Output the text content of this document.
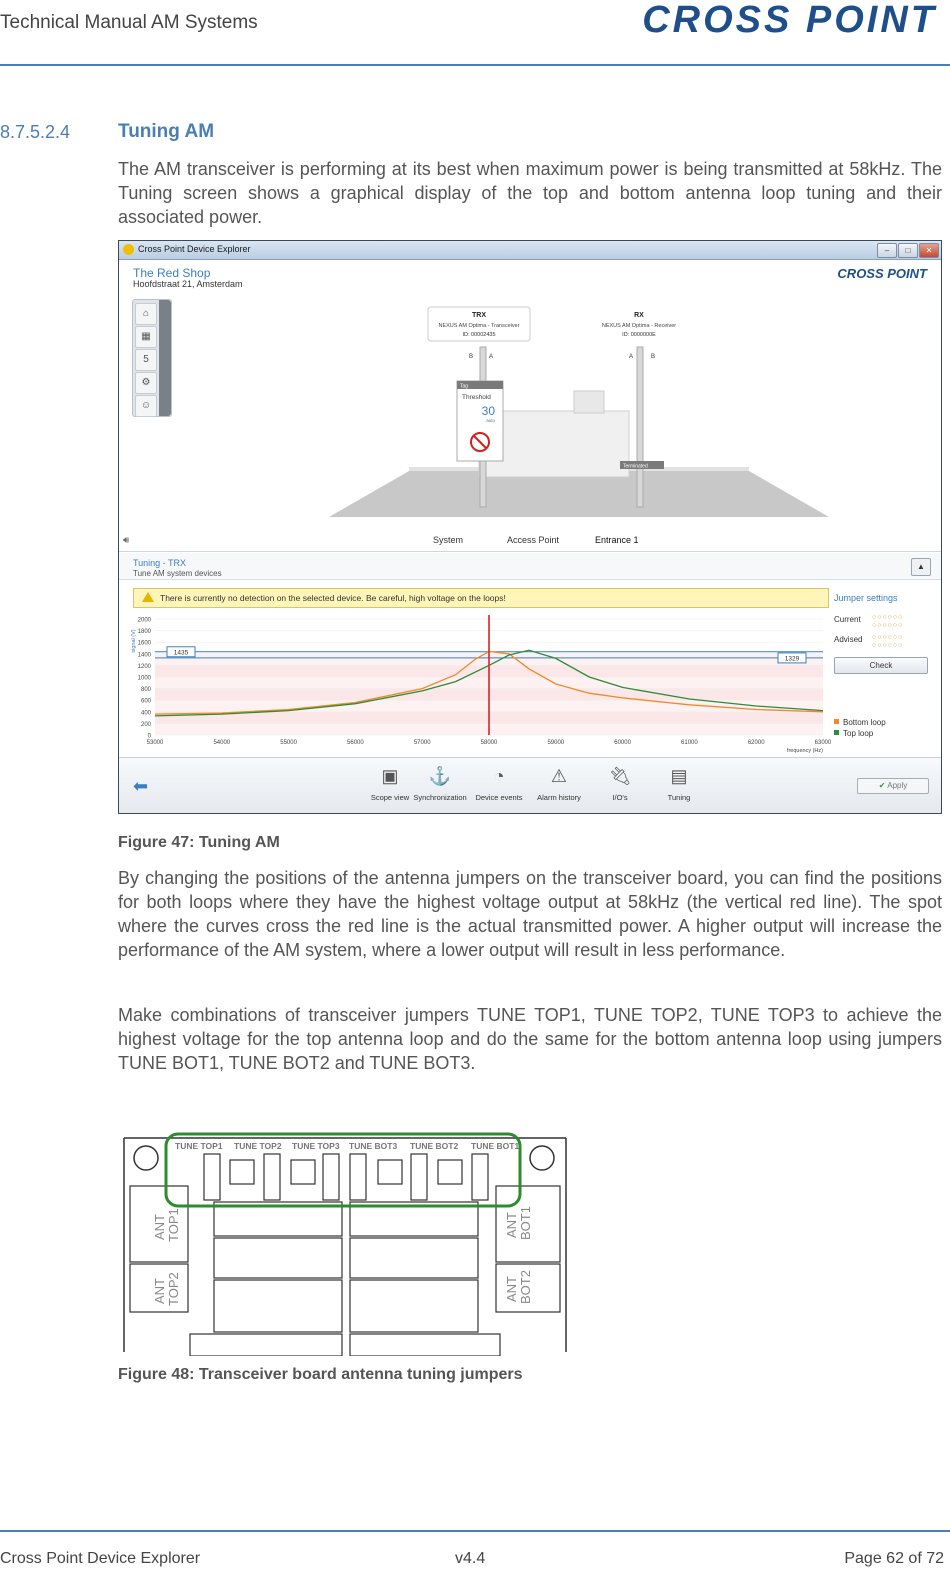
Technical Manual AM Systems	CROSS POINT
8.7.5.2.4	Tuning AM
The AM transceiver is performing at its best when maximum power is being transmitted at 58kHz. The Tuning screen shows a graphical display of the top and bottom antenna loop tuning and their associated power.
Cross Point Device Explorer	–	□	✕
The Red Shop
Hoofdstraat 21, Amsterdam
CROSS POINT
⌂
▦
5
⚙
☺
TRX
NEXUS AM Optima - Transceiver
ID: 00002435
B	A
RX
NEXUS AM Optima - Receiver
ID: 0000000E
A	B
Tag
Threshold
30
auto
Terminated
🔊︎	System	Access Point	Entrance 1
Tuning - TRX
Tune AM system devices
▲
There is currently no detection on the selected device. Be careful, high voltage on the loops!
0
200
400
600
800
1000
1200
1400
1600
1800
2000
53000	54000	55000	56000	57000	58000	59000	60000	61000	62000	63000
signal (V)
frequency (Hz)
1435
1329
Jumper settings
Current ○○○○○○
○○○○○○
Advised ○○○○○○
○○○○○○
Check
Bottom loop
Top loop
⬅	▣
Scope view
⚓
Synchronization
◔
Device events
⚠
Alarm history
🔌︎
I/O's
▤
Tuning
✔ Apply
Figure 47: Tuning AM
By changing the positions of the antenna jumpers on the transceiver board, you can find the positions for both loops where they have the highest voltage output at 58kHz (the vertical red line). The spot where the curves cross the red line is the actual transmitted power. A higher output will increase the performance of the AM system, where a lower output will result in less performance.
Make combinations of transceiver jumpers TUNE TOP1, TUNE TOP2, TUNE TOP3 to achieve the highest voltage for the top antenna loop and do the same for the bottom antenna loop using jumpers TUNE BOT1, TUNE BOT2 and TUNE BOT3.
TUNE TOP1 TUNE TOP2 TUNE TOP3 TUNE BOT3 TUNE BOT2 TUNE BOT1
ANT TOP1
ANT TOP2
ANT BOT1
ANT BOT2
Figure 48: Transceiver board antenna tuning jumpers
Cross Point Device Explorer	v4.4	Page 62 of 72
